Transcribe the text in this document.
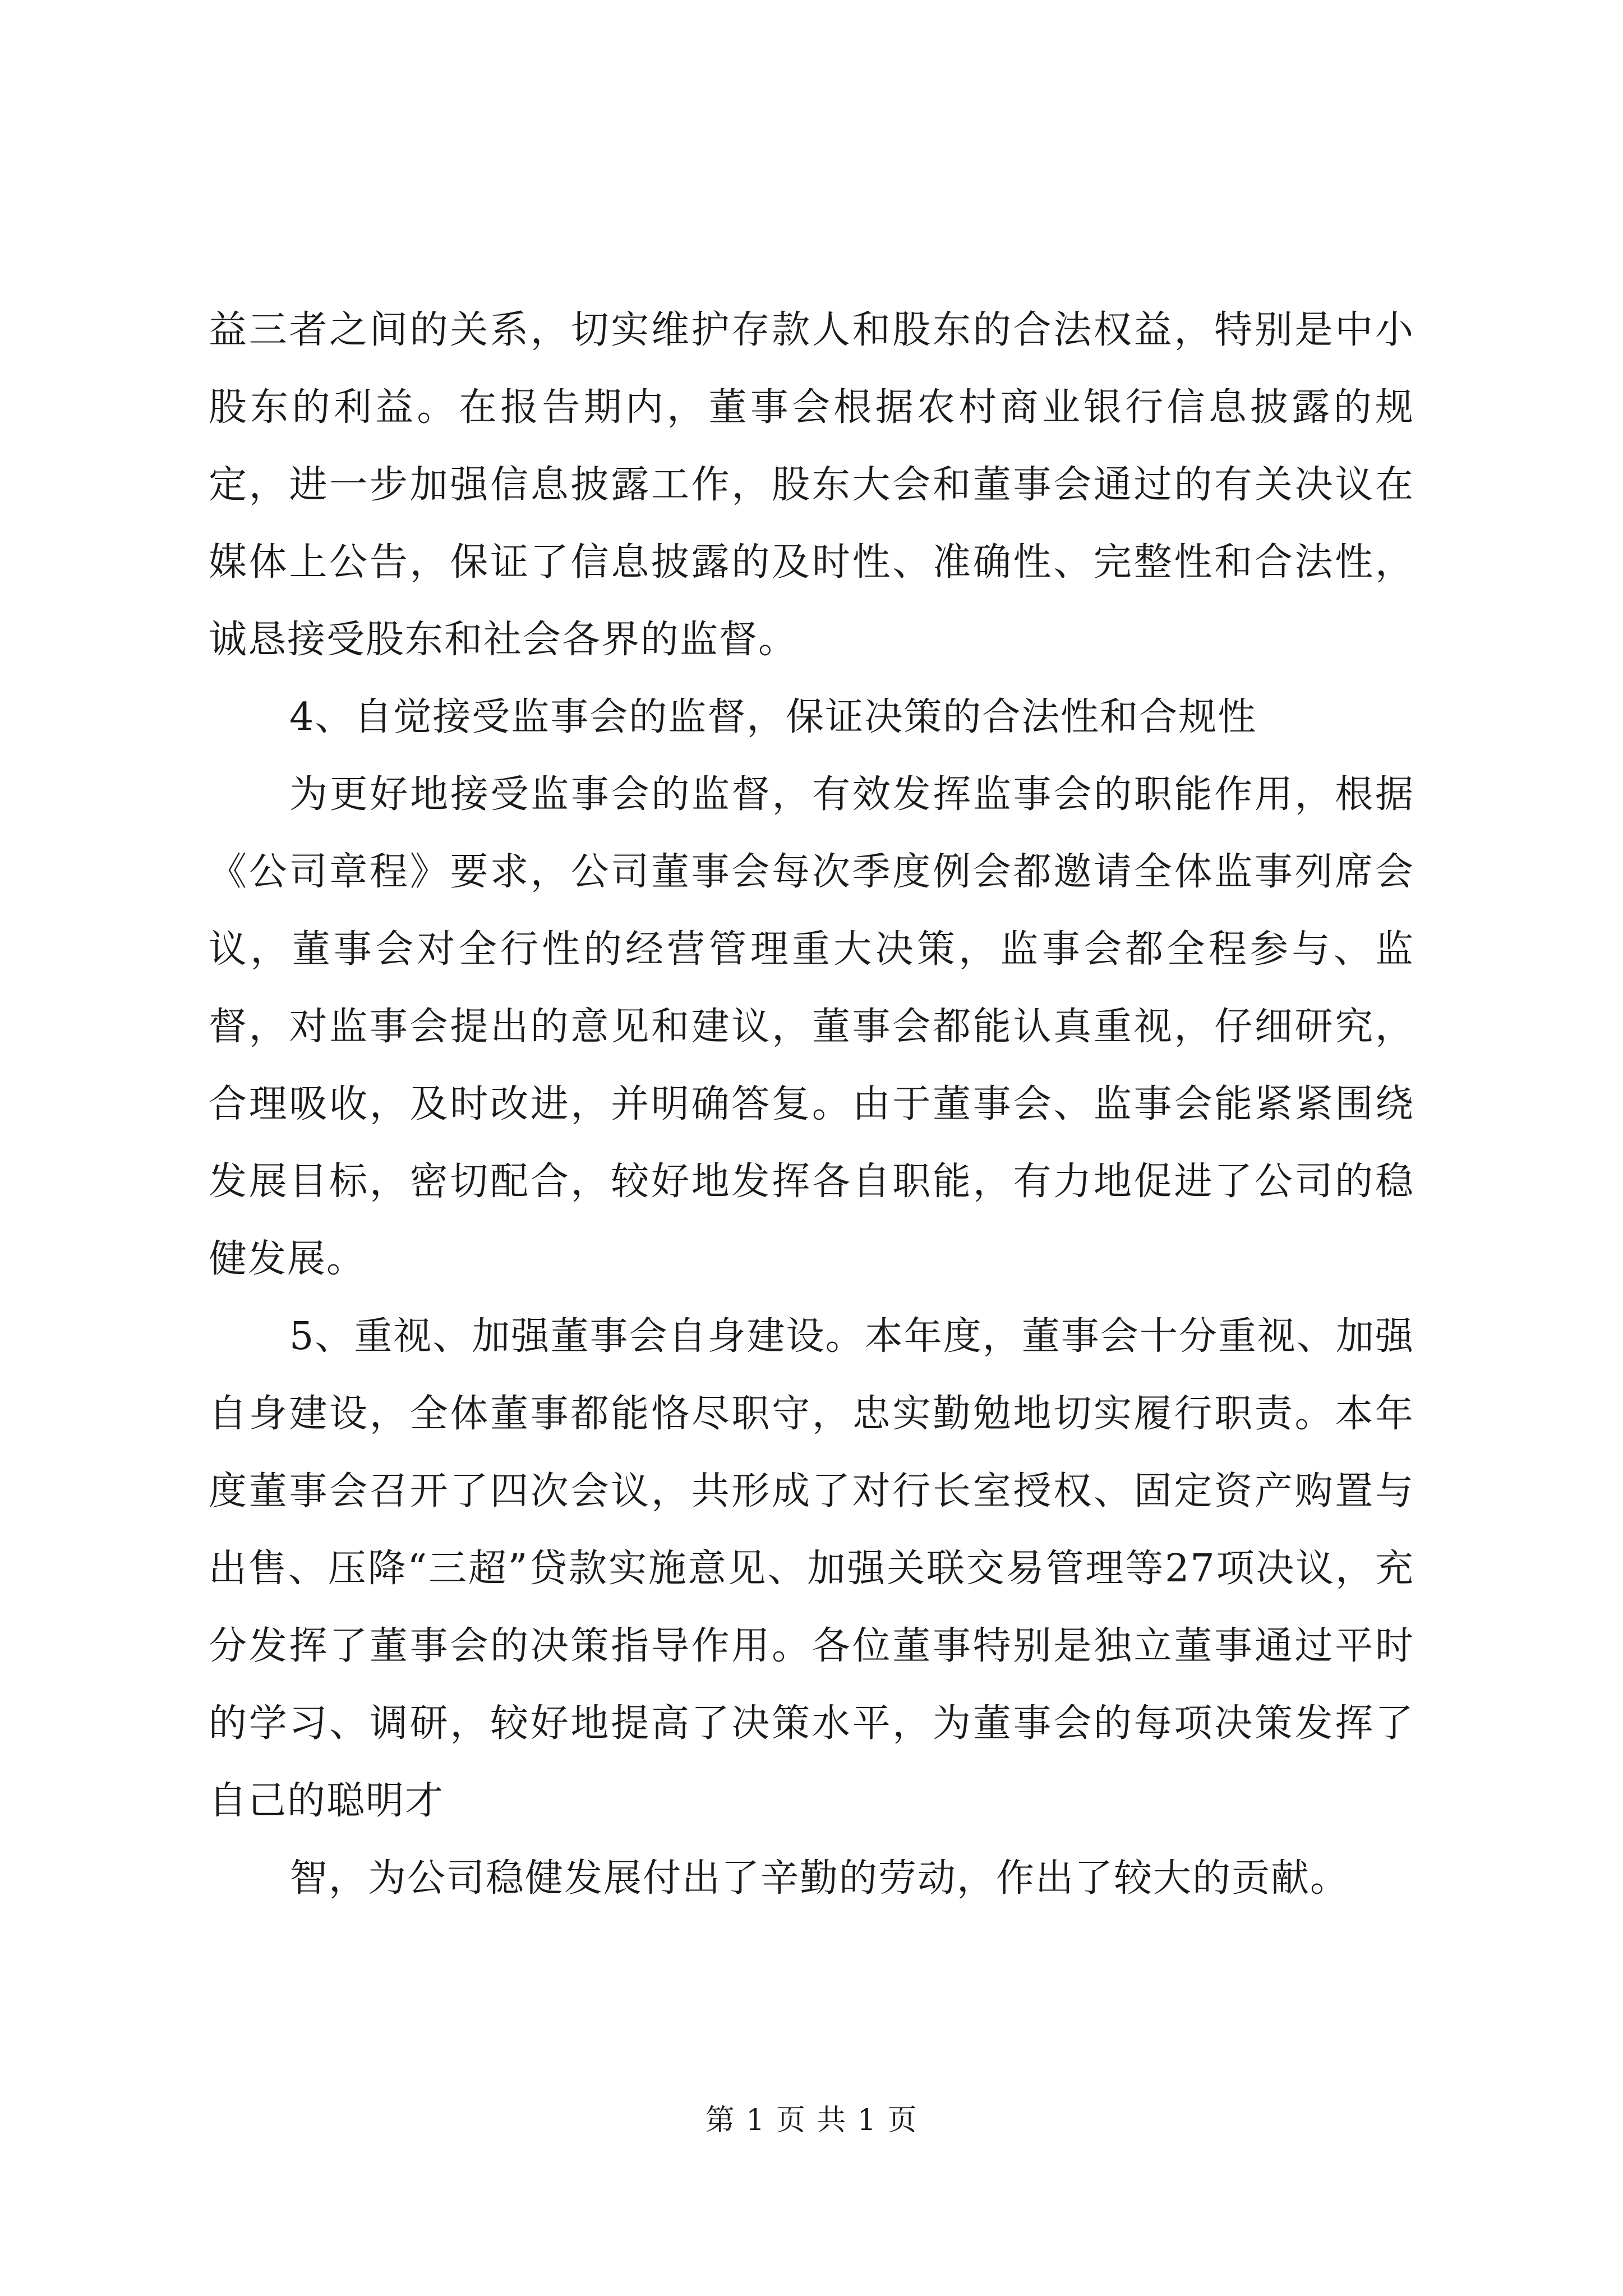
益三者之间的关系，切实维护存款人和股东的合法权益，特别是中小股东的利益。在报告期内，董事会根据农村商业银行信息披露的规定，进一步加强信息披露工作，股东大会和董事会通过的有关决议在媒体上公告，保证了信息披露的及时性、准确性、完整性和合法性，诚恳接受股东和社会各界的监督。

4、自觉接受监事会的监督，保证决策的合法性和合规性

为更好地接受监事会的监督，有效发挥监事会的职能作用，根据《公司章程》要求，公司董事会每次季度例会都邀请全体监事列席会议，董事会对全行性的经营管理重大决策，监事会都全程参与、监督，对监事会提出的意见和建议，董事会都能认真重视，仔细研究，合理吸收，及时改进，并明确答复。由于董事会、监事会能紧紧围绕发展目标，密切配合，较好地发挥各自职能，有力地促进了公司的稳健发展。

5、重视、加强董事会自身建设。本年度，董事会十分重视、加强自身建设，全体董事都能恪尽职守，忠实勤勉地切实履行职责。本年度董事会召开了四次会议，共形成了对行长室授权、固定资产购置与出售、压降“三超”贷款实施意见、加强关联交易管理等27项决议，充分发挥了董事会的决策指导作用。各位董事特别是独立董事通过平时的学习、调研，较好地提高了决策水平，为董事会的每项决策发挥了自己的聪明才

智，为公司稳健发展付出了辛勤的劳动，作出了较大的贡献。

第 1 页 共 1 页
